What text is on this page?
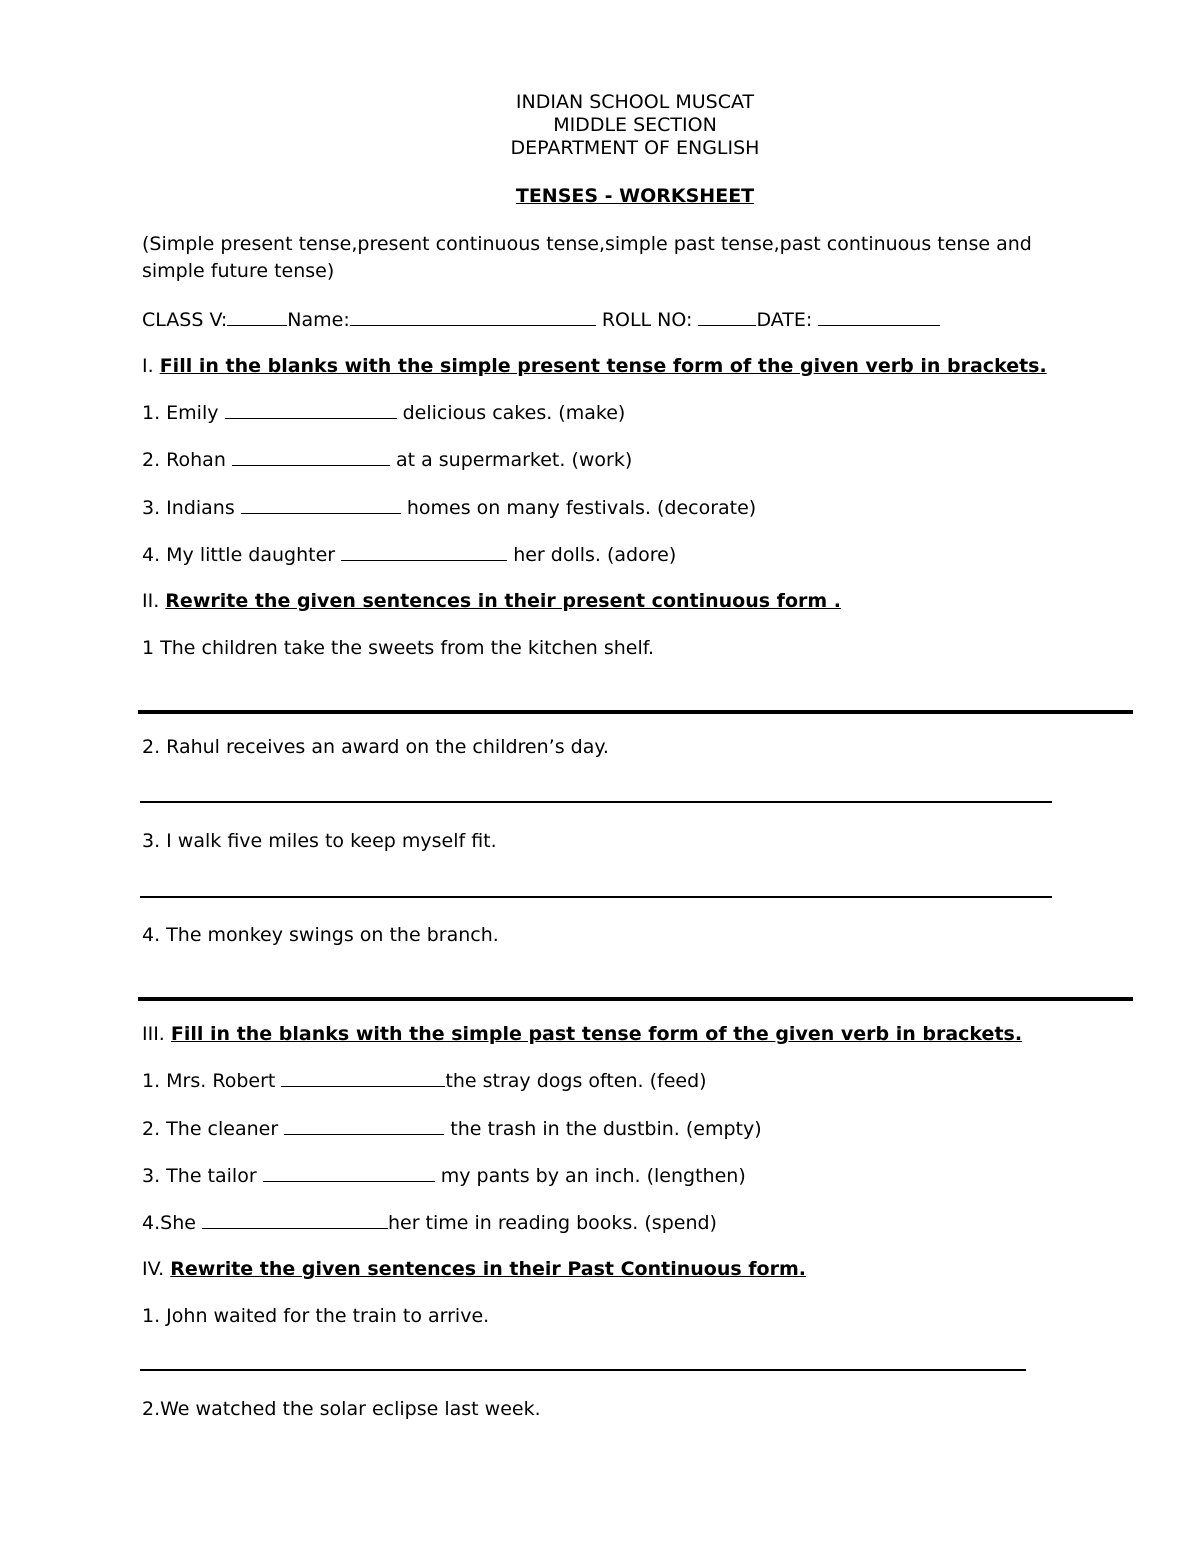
INDIAN SCHOOL MUSCAT
MIDDLE SECTION
DEPARTMENT OF ENGLISH
TENSES - WORKSHEET
(Simple present tense,present continuous tense,simple past tense,past continuous tense and simple future tense)
CLASS V:	Name:	ROLL NO:	DATE:
I. Fill in the blanks with the simple present tense form of the given verb in brackets.
1. Emily	delicious cakes. (make)
2. Rohan	at a supermarket. (work)
3. Indians	homes on many festivals. (decorate)
4. My little daughter	her dolls. (adore)
II. Rewrite the given sentences in their present continuous form .
1 The children take the sweets from the kitchen shelf.
2. Rahul receives an award on the children’s day.
3. I walk five miles to keep myself fit.
4. The monkey swings on the branch.
III. Fill in the blanks with the simple past tense form of the given verb in brackets.
1. Mrs. Robert	the stray dogs often. (feed)
2. The cleaner	the trash in the dustbin. (empty)
3. The tailor	my pants by an inch. (lengthen)
4.She	her time in reading books. (spend)
IV. Rewrite the given sentences in their Past Continuous form.
1. John waited for the train to arrive.
2.We watched the solar eclipse last week.
